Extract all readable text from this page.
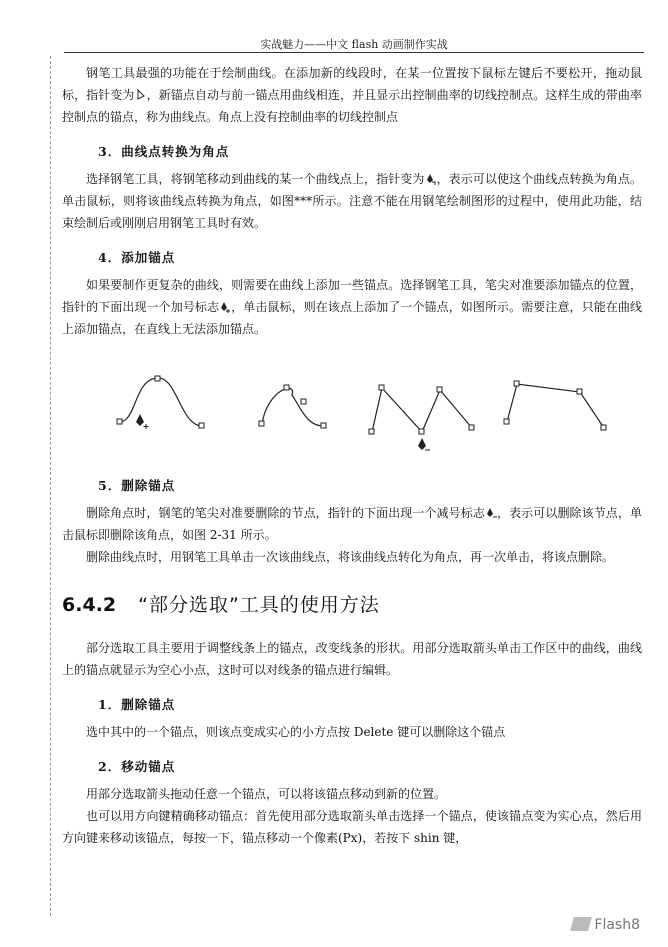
实战魅力——中文 flash 动画制作实战

钢笔工具最强的功能在于绘制曲线。在添加新的线段时，在某一位置按下鼠标左键后不要松开，拖动鼠标，指针变为 ，新锚点自动与前一锚点用曲线相连，并且显示出控制曲率的切线控制点。这样生成的带曲率控制点的锚点，称为曲线点。角点上没有控制曲率的切线控制点

3．曲线点转换为角点

选择钢笔工具，将钢笔移动到曲线的某一个曲线点上，指针变为 ，表示可以使这个曲线点转换为角点。单击鼠标，则将该曲线点转换为角点，如图***所示。注意不能在用钢笔绘制图形的过程中，使用此功能，结束绘制后或刚刚启用钢笔工具时有效。

4．添加锚点

如果要制作更复杂的曲线，则需要在曲线上添加一些锚点。选择钢笔工具，笔尖对准要添加锚点的位置，指针的下面出现一个加号标志 ，单击鼠标，则在该点上添加了一个锚点，如图所示。需要注意，只能在曲线上添加锚点，在直线上无法添加锚点。

5．删除锚点

删除角点时，钢笔的笔尖对准要删除的节点，指针的下面出现一个减号标志 ，表示可以删除该节点，单击鼠标即删除该角点，如图 2-31 所示。

删除曲线点时，用钢笔工具单击一次该曲线点，将该曲线点转化为角点，再一次单击，将该点删除。

6.4.2 “部分选取”工具的使用方法

部分选取工具主要用于调整线条上的锚点，改变线条的形状。用部分选取箭头单击工作区中的曲线，曲线上的锚点就显示为空心小点，这时可以对线条的锚点进行编辑。

1．删除锚点

选中其中的一个锚点，则该点变成实心的小方点按 Delete 键可以删除这个锚点

2．移动锚点

用部分选取箭头拖动任意一个锚点，可以将该锚点移动到新的位置。

也可以用方向键精确移动锚点：首先使用部分选取箭头单击选择一个锚点，使该锚点变为实心点，然后用方向键来移动该锚点，每按一下，锚点移动一个像素(Px)，若按下 shin 键，

Flash8
